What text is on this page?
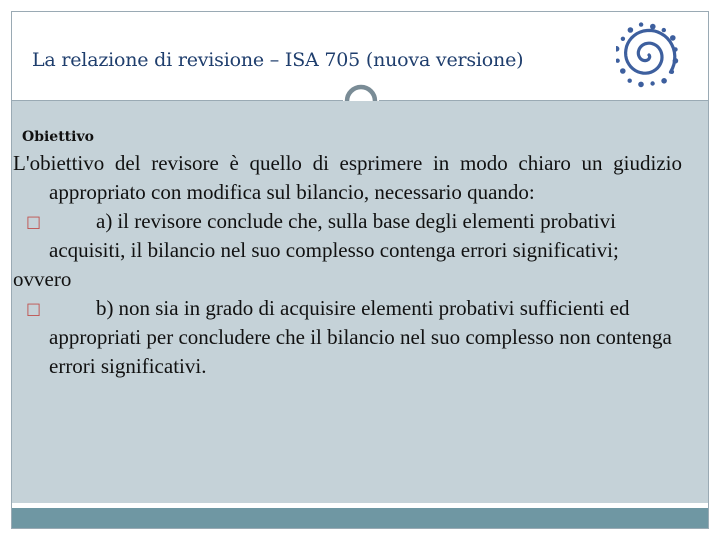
La relazione di revisione – ISA 705 (nuova versione)
Obiettivo

L'obiettivo del revisore è quello di esprimere in modo chiaro un giudizio appropriato con modifica sul bilancio, necessario quando:

□	a) il revisore conclude che, sulla base degli elementi probativi acquisiti, il bilancio nel suo complesso contenga errori significativi;

ovvero

□	b) non sia in grado di acquisire elementi probativi sufficienti ed appropriati per concludere che il bilancio nel suo complesso non contenga errori significativi.
